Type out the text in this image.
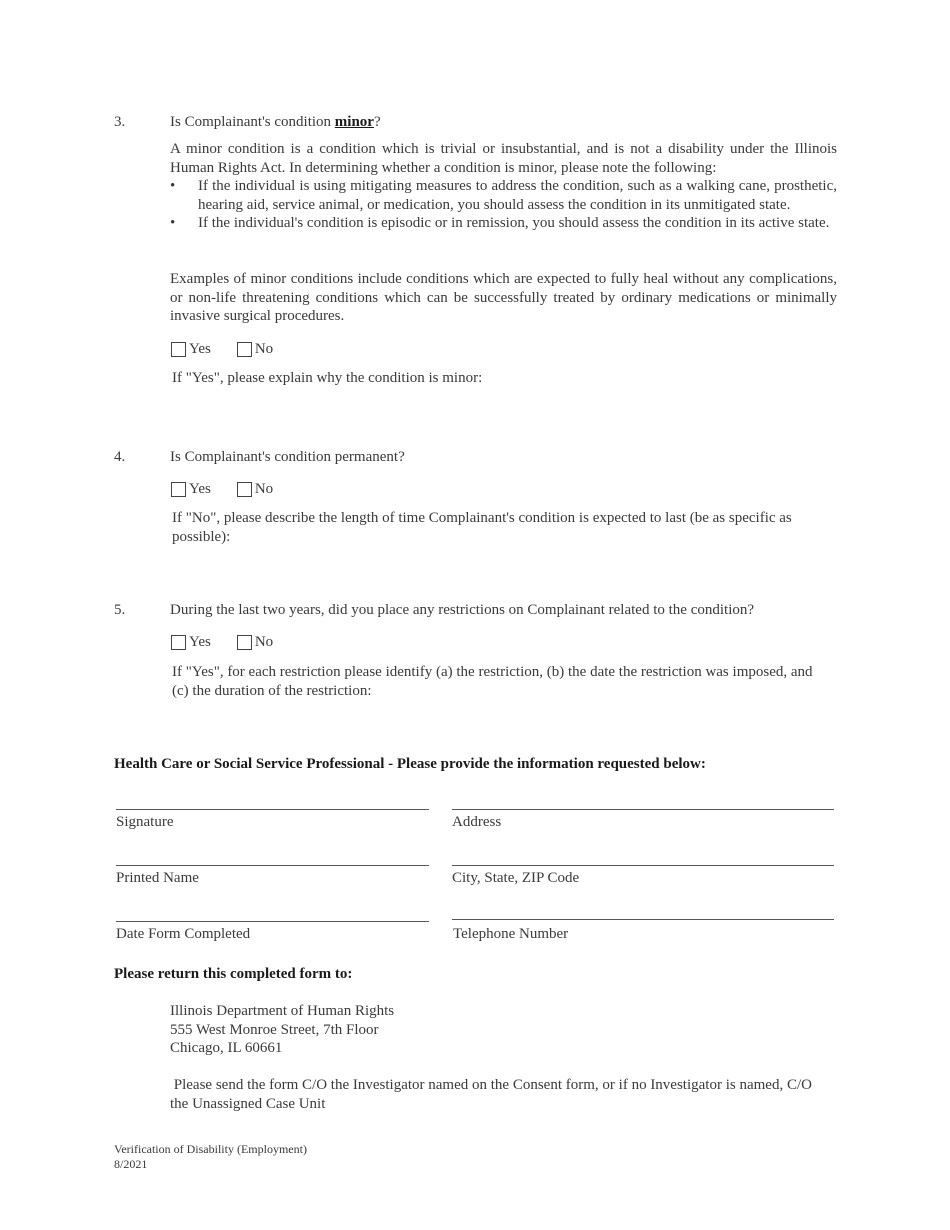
3.	Is Complainant's condition minor?
A minor condition is a condition which is trivial or insubstantial, and is not a disability under the Illinois Human Rights Act. In determining whether a condition is minor, please note the following:
• If the individual is using mitigating measures to address the condition, such as a walking cane, prosthetic, hearing aid, service animal, or medication, you should assess the condition in its unmitigated state.
• If the individual's condition is episodic or in remission, you should assess the condition in its active state.
Examples of minor conditions include conditions which are expected to fully heal without any complications, or non-life threatening conditions which can be successfully treated by ordinary medications or minimally invasive surgical procedures.
Yes	No
If "Yes", please explain why the condition is minor:
4.	Is Complainant's condition permanent?
Yes	No
If "No", please describe the length of time Complainant's condition is expected to last (be as specific as possible):
5.	During the last two years, did you place any restrictions on Complainant related to the condition?
Yes	No
If "Yes", for each restriction please identify (a) the restriction, (b) the date the restriction was imposed, and (c) the duration of the restriction:
Health Care or Social Service Professional - Please provide the information requested below:
Signature	Address
Printed Name	City, State, ZIP Code
Date Form Completed	Telephone Number
Please return this completed form to:
Illinois Department of Human Rights
555 West Monroe Street, 7th Floor
Chicago, IL 60661
Please send the form C/O the Investigator named on the Consent form, or if no Investigator is named, C/O the Unassigned Case Unit
Verification of Disability (Employment)
8/2021
